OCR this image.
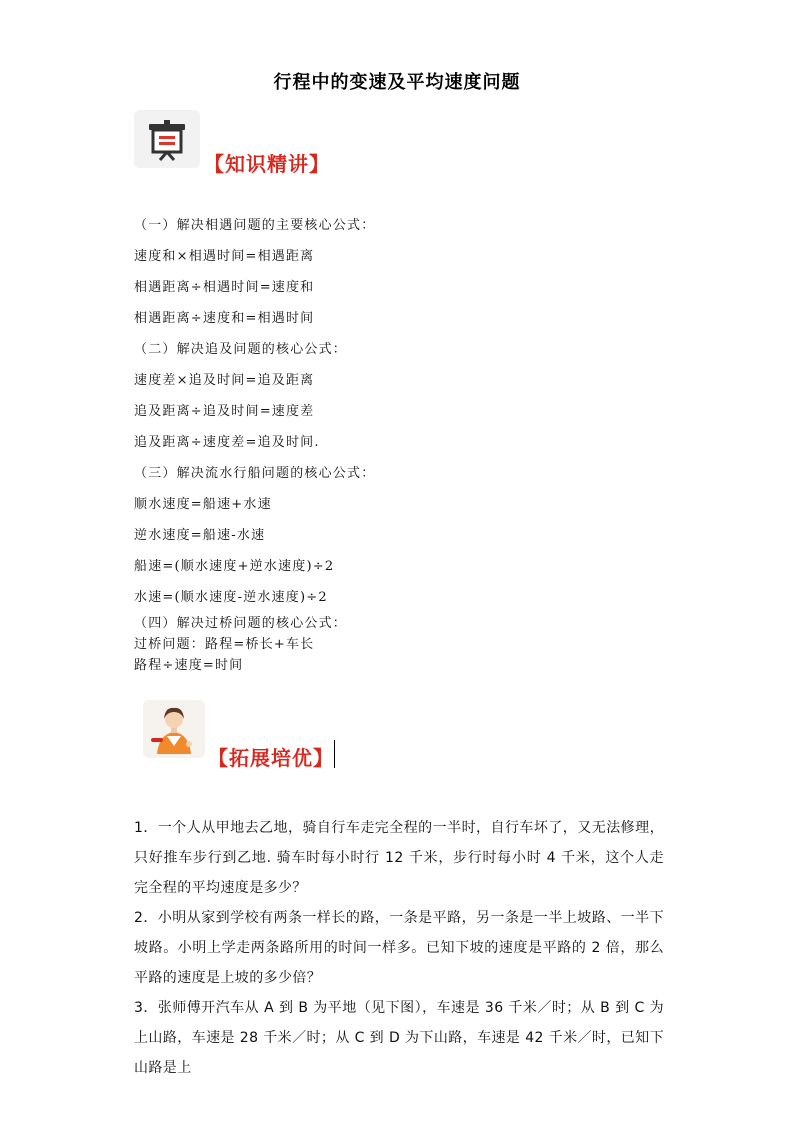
行程中的变速及平均速度问题
【知识精讲】
（一）解决相遇问题的主要核心公式：
速度和×相遇时间=相遇距离
相遇距离÷相遇时间=速度和
相遇距离÷速度和=相遇时间
（二）解决追及问题的核心公式：
速度差×追及时间=追及距离
追及距离÷追及时间=速度差
追及距离÷速度差=追及时间.
（三）解决流水行船问题的核心公式：
顺水速度=船速+水速
逆水速度=船速-水速
船速=(顺水速度+逆水速度)÷2
水速=(顺水速度-逆水速度)÷2
（四）解决过桥问题的核心公式：
过桥问题：路程=桥长+车长
路程÷速度=时间
【拓展培优】

1．一个人从甲地去乙地，骑自行车走完全程的一半时，自行车坏了，又无法修理，只好推车步行到乙地. 骑车时每小时行 12 千米，步行时每小时 4 千米，这个人走完全程的平均速度是多少？

2．小明从家到学校有两条一样长的路，一条是平路，另一条是一半上坡路、一半下坡路。小明上学走两条路所用的时间一样多。已知下坡的速度是平路的 2 倍，那么平路的速度是上坡的多少倍？

3．张师傅开汽车从 A 到 B 为平地（见下图），车速是 36 千米／时；从 B 到 C 为上山路，车速是 28 千米／时；从 C 到 D 为下山路，车速是 42 千米／时，已知下山路是上
